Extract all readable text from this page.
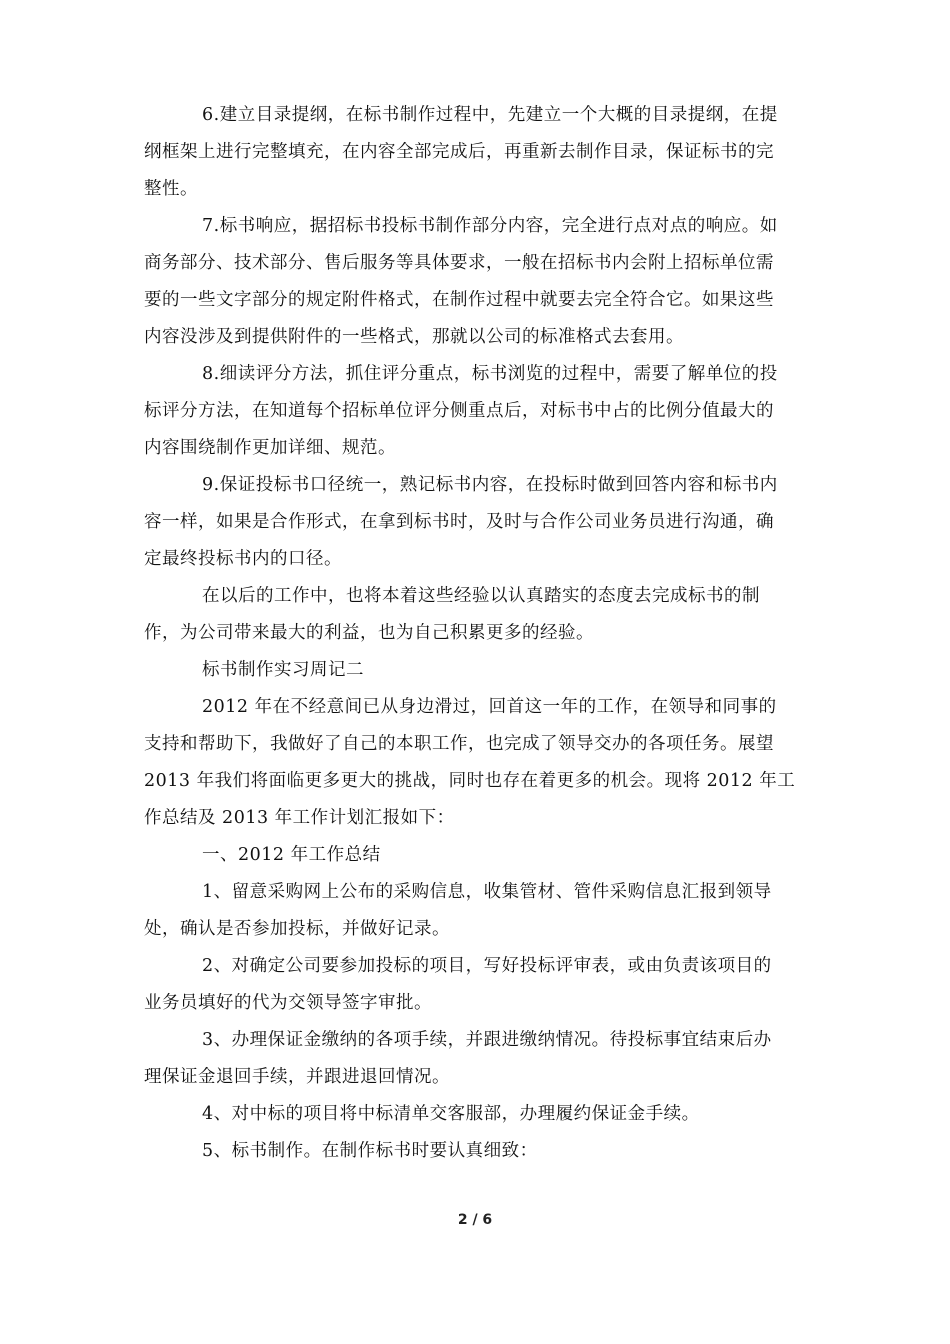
6.建立目录提纲，在标书制作过程中，先建立一个大概的目录提纲，在提
纲框架上进行完整填充，在内容全部完成后，再重新去制作目录，保证标书的完
整性。
7.标书响应，据招标书投标书制作部分内容，完全进行点对点的响应。如
商务部分、技术部分、售后服务等具体要求，一般在招标书内会附上招标单位需
要的一些文字部分的规定附件格式，在制作过程中就要去完全符合它。如果这些
内容没涉及到提供附件的一些格式，那就以公司的标准格式去套用。
8.细读评分方法，抓住评分重点，标书浏览的过程中，需要了解单位的投
标评分方法，在知道每个招标单位评分侧重点后，对标书中占的比例分值最大的
内容围绕制作更加详细、规范。
9.保证投标书口径统一，熟记标书内容，在投标时做到回答内容和标书内
容一样，如果是合作形式，在拿到标书时，及时与合作公司业务员进行沟通，确
定最终投标书内的口径。
在以后的工作中，也将本着这些经验以认真踏实的态度去完成标书的制
作，为公司带来最大的利益，也为自己积累更多的经验。
标书制作实习周记二
2012 年在不经意间已从身边滑过，回首这一年的工作，在领导和同事的
支持和帮助下，我做好了自己的本职工作，也完成了领导交办的各项任务。展望
2013 年我们将面临更多更大的挑战，同时也存在着更多的机会。现将 2012 年工
作总结及 2013 年工作计划汇报如下：
一、2012 年工作总结
1、留意采购网上公布的采购信息，收集管材、管件采购信息汇报到领导
处，确认是否参加投标，并做好记录。
2、对确定公司要参加投标的项目，写好投标评审表，或由负责该项目的
业务员填好的代为交领导签字审批。
3、办理保证金缴纳的各项手续，并跟进缴纳情况。待投标事宜结束后办
理保证金退回手续，并跟进退回情况。
4、对中标的项目将中标清单交客服部，办理履约保证金手续。
5、标书制作。在制作标书时要认真细致：
2 / 6
